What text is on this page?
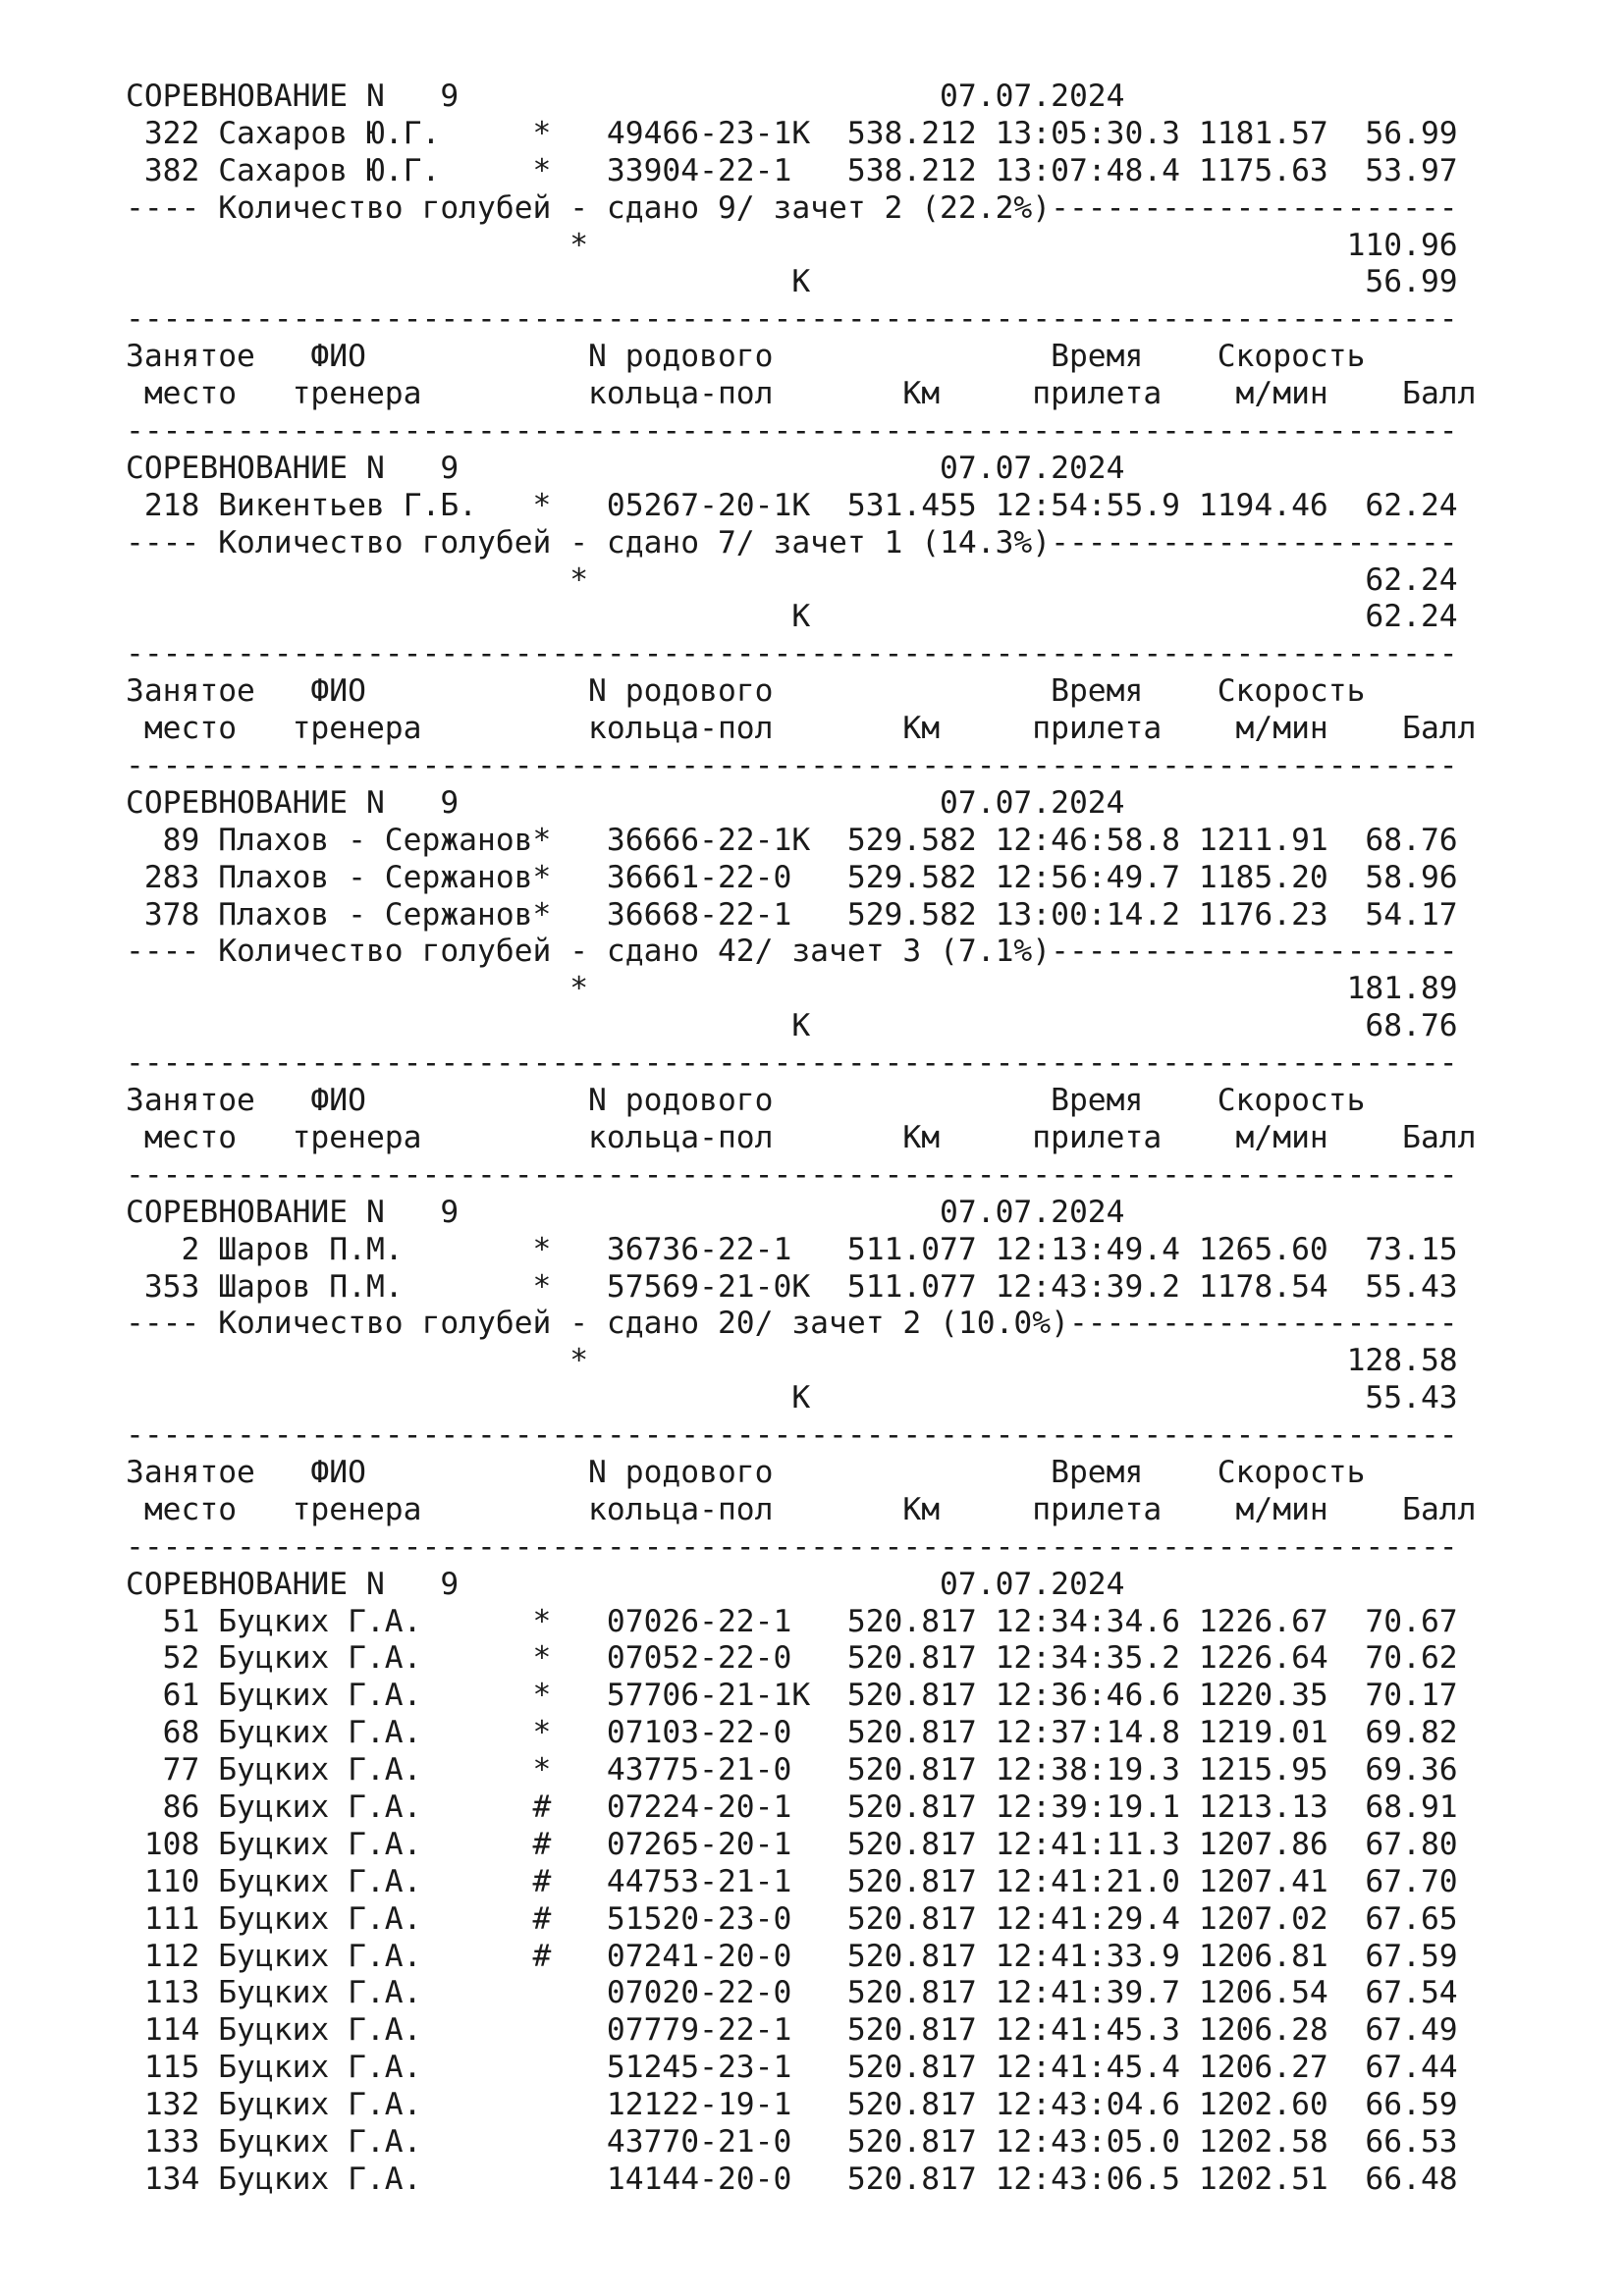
СОРЕВНОВАНИЕ N   9                          07.07.2024
322 Сахаров Ю.Г.     *   49466-23-1K  538.212 13:05:30.3 1181.57  56.99
382 Сахаров Ю.Г.     *   33904-22-1   538.212 13:07:48.4 1175.63  53.97
---- Количество голубей - сдано 9/ зачет 2 (22.2%)----------------------
*                                         110.96
K                              56.99
------------------------------------------------------------------------
Занятое   ФИО            N родового               Время    Скорость
место   тренера         кольца-пол       Км     прилета    м/мин    Балл
------------------------------------------------------------------------
СОРЕВНОВАНИЕ N   9                          07.07.2024
218 Викентьев Г.Б.   *   05267-20-1K  531.455 12:54:55.9 1194.46  62.24
---- Количество голубей - сдано 7/ зачет 1 (14.3%)----------------------
*                                          62.24
K                              62.24
------------------------------------------------------------------------
Занятое   ФИО            N родового               Время    Скорость
место   тренера         кольца-пол       Км     прилета    м/мин    Балл
------------------------------------------------------------------------
СОРЕВНОВАНИЕ N   9                          07.07.2024
89 Плахов - Сержанов*   36666-22-1K  529.582 12:46:58.8 1211.91  68.76
283 Плахов - Сержанов*   36661-22-0   529.582 12:56:49.7 1185.20  58.96
378 Плахов - Сержанов*   36668-22-1   529.582 13:00:14.2 1176.23  54.17
---- Количество голубей - сдано 42/ зачет 3 (7.1%)----------------------
*                                         181.89
K                              68.76
------------------------------------------------------------------------
Занятое   ФИО            N родового               Время    Скорость
место   тренера         кольца-пол       Км     прилета    м/мин    Балл
------------------------------------------------------------------------
СОРЕВНОВАНИЕ N   9                          07.07.2024
2 Шаров П.М.       *   36736-22-1   511.077 12:13:49.4 1265.60  73.15
353 Шаров П.М.       *   57569-21-0K  511.077 12:43:39.2 1178.54  55.43
---- Количество голубей - сдано 20/ зачет 2 (10.0%)---------------------
*                                         128.58
K                              55.43
------------------------------------------------------------------------
Занятое   ФИО            N родового               Время    Скорость
место   тренера         кольца-пол       Км     прилета    м/мин    Балл
------------------------------------------------------------------------
СОРЕВНОВАНИЕ N   9                          07.07.2024
51 Буцких Г.А.      *   07026-22-1   520.817 12:34:34.6 1226.67  70.67
52 Буцких Г.А.      *   07052-22-0   520.817 12:34:35.2 1226.64  70.62
61 Буцких Г.А.      *   57706-21-1K  520.817 12:36:46.6 1220.35  70.17
68 Буцких Г.А.      *   07103-22-0   520.817 12:37:14.8 1219.01  69.82
77 Буцких Г.А.      *   43775-21-0   520.817 12:38:19.3 1215.95  69.36
86 Буцких Г.А.      #   07224-20-1   520.817 12:39:19.1 1213.13  68.91
108 Буцких Г.А.      #   07265-20-1   520.817 12:41:11.3 1207.86  67.80
110 Буцких Г.А.      #   44753-21-1   520.817 12:41:21.0 1207.41  67.70
111 Буцких Г.А.      #   51520-23-0   520.817 12:41:29.4 1207.02  67.65
112 Буцких Г.А.      #   07241-20-0   520.817 12:41:33.9 1206.81  67.59
113 Буцких Г.А.          07020-22-0   520.817 12:41:39.7 1206.54  67.54
114 Буцких Г.А.          07779-22-1   520.817 12:41:45.3 1206.28  67.49
115 Буцких Г.А.          51245-23-1   520.817 12:41:45.4 1206.27  67.44
132 Буцких Г.А.          12122-19-1   520.817 12:43:04.6 1202.60  66.59
133 Буцких Г.А.          43770-21-0   520.817 12:43:05.0 1202.58  66.53
134 Буцких Г.А.          14144-20-0   520.817 12:43:06.5 1202.51  66.48
